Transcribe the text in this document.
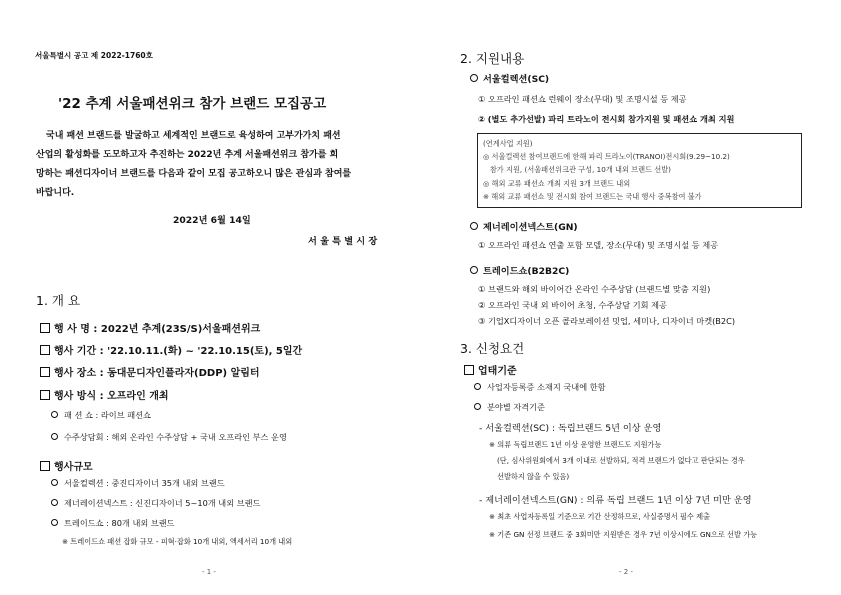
서울특별시 공고 제 2022-1760호
'22 추계 서울패션위크 참가 브랜드 모집공고
국내 패션 브랜드를 발굴하고 세계적인 브랜드로 육성하여 고부가가치 패션
산업의 활성화를 도모하고자 추진하는 2022년 추계 서울패션위크 참가를 희
망하는 패션디자이너 브랜드를 다음과 같이 모집 공고하오니 많은 관심과 참여를
바랍니다.
2022년 6월 14일
서 울 특 별 시 장
1. 개 요
행 사 명 : 2022년 추계(23S/S)서울패션위크
행사 기간 : '22.10.11.(화) ~ '22.10.15(토), 5일간
행사 장소 : 동대문디자인플라자(DDP) 알림터
행사 방식 : 오프라인 개최
패 션 쇼 : 라이브 패션쇼
수주상담회 : 해외 온라인 수주상담 + 국내 오프라인 부스 운영
행사규모
서울컬렉션 : 중진디자이너 35개 내외 브랜드
제너레이션넥스트 : 신진디자이너 5~10개 내외 브랜드
트레이드쇼 : 80개 내외 브랜드
※ 트레이드쇼 패션 잡화 규모 - 피혁·잡화 10개 내외, 액세서리 10개 내외
- 1 -
2. 지원내용
서울컬렉션(SC)
① 오프라인 패션쇼 런웨이 장소(무대) 및 조명시설 등 제공
② (별도 추가선발) 파리 트라노이 전시회 참가지원 및 패션쇼 개최 지원
(연계사업 지원)
◎ 서울컬렉션 참여브랜드에 한해 파리 트라노이(TRANOI)전시회(9.29~10.2)
참가 지원, (서울패션위크관 구성, 10개 내외 브랜드 선발)
◎ 해외 교류 패션쇼 개최 지원 3개 브랜드 내외
※ 해외 교류 패션쇼 및 전시회 참여 브랜드는 국내 행사 중복참여 불가
제너레이션넥스트(GN)
① 오프라인 패션쇼 연출 포함 모델, 장소(무대) 및 조명시설 등 제공
트레이드쇼(B2B2C)
① 브랜드와 해외 바이어간 온라인 수주상담 (브랜드별 맞춤 지원)
② 오프라인 국내 외 바이어 초청, 수주상담 기회 제공
③ 기업X디자이너 오픈 콜라보레이션 밋업, 세미나, 디자이너 마켓(B2C)
3. 신청요건
업태기준
사업자등록증 소재지 국내에 한함
분야별 자격기준
- 서울컬렉션(SC) : 독립브랜드 5년 이상 운영
※ 의류 독립브랜드 1년 이상 운영한 브랜드도 지원가능
(단, 심사위원회에서 3개 이내로 선발하되, 적격 브랜드가 없다고 판단되는 경우
선발하지 않을 수 있음)
- 제너레이션넥스트(GN) : 의류 독립 브랜드 1년 이상 7년 미만 운영
※ 최초 사업자등록일 기준으로 기간 산정하므로, 사실증명서 필수 제출
※ 기존 GN 선정 브랜드 중 3회미만 지원받은 경우 7년 이상시에도 GN으로 선발 가능
- 2 -
